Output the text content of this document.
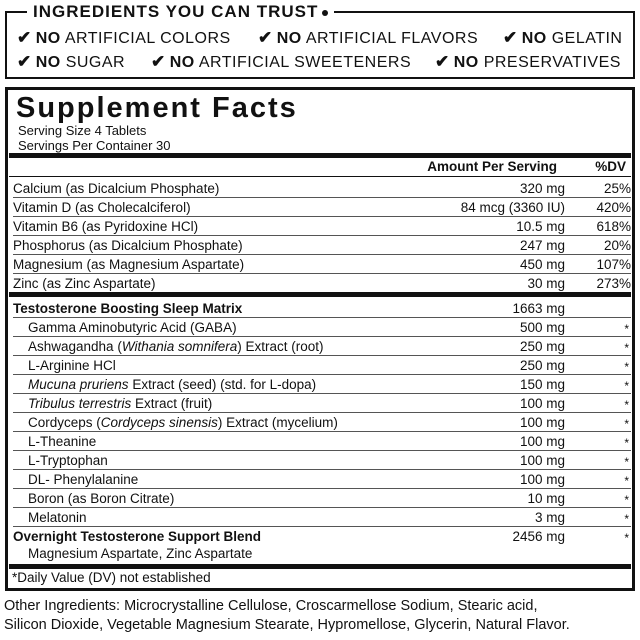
INGREDIENTS YOU CAN TRUST
✔ NO ARTIFICIAL COLORS ✔ NO ARTIFICIAL FLAVORS ✔ NO GELATIN
✔ NO SUGAR ✔ NO ARTIFICIAL SWEETENERS ✔ NO PRESERVATIVES
Supplement Facts
Serving Size 4 Tablets
Servings Per Container 30
Amount Per Serving	%DV
Calcium (as Dicalcium Phosphate)	320 mg	25%
Vitamin D (as Cholecalciferol)	84 mcg (3360 IU) 420%
Vitamin B6 (as Pyridoxine HCl)	10.5 mg 618%
Phosphorus (as Dicalcium Phosphate)	247 mg	20%
Magnesium (as Magnesium Aspartate)	450 mg 107%
Zinc (as Zinc Aspartate)	30 mg 273%
Testosterone Boosting Sleep Matrix	1663 mg
Gamma Aminobutyric Acid (GABA)	500 mg	*
Ashwagandha (Withania somnifera) Extract (root)	250 mg	*
L-Arginine HCl	250 mg	*
Mucuna pruriens Extract (seed) (std. for L-dopa)	150 mg	*
Tribulus terrestris Extract (fruit)	100 mg	*
Cordyceps (Cordyceps sinensis) Extract (mycelium)	100 mg	*
L-Theanine	100 mg	*
L-Tryptophan	100 mg	*
DL- Phenylalanine	100 mg	*
Boron (as Boron Citrate)	10 mg	*
Melatonin	3 mg	*
Overnight Testosterone Support Blend	2456 mg	*
Magnesium Aspartate, Zinc Aspartate
*Daily Value (DV) not established
Other Ingredients: Microcrystalline Cellulose, Croscarmellose Sodium, Stearic acid,
Silicon Dioxide, Vegetable Magnesium Stearate, Hypromellose, Glycerin, Natural Flavor.
